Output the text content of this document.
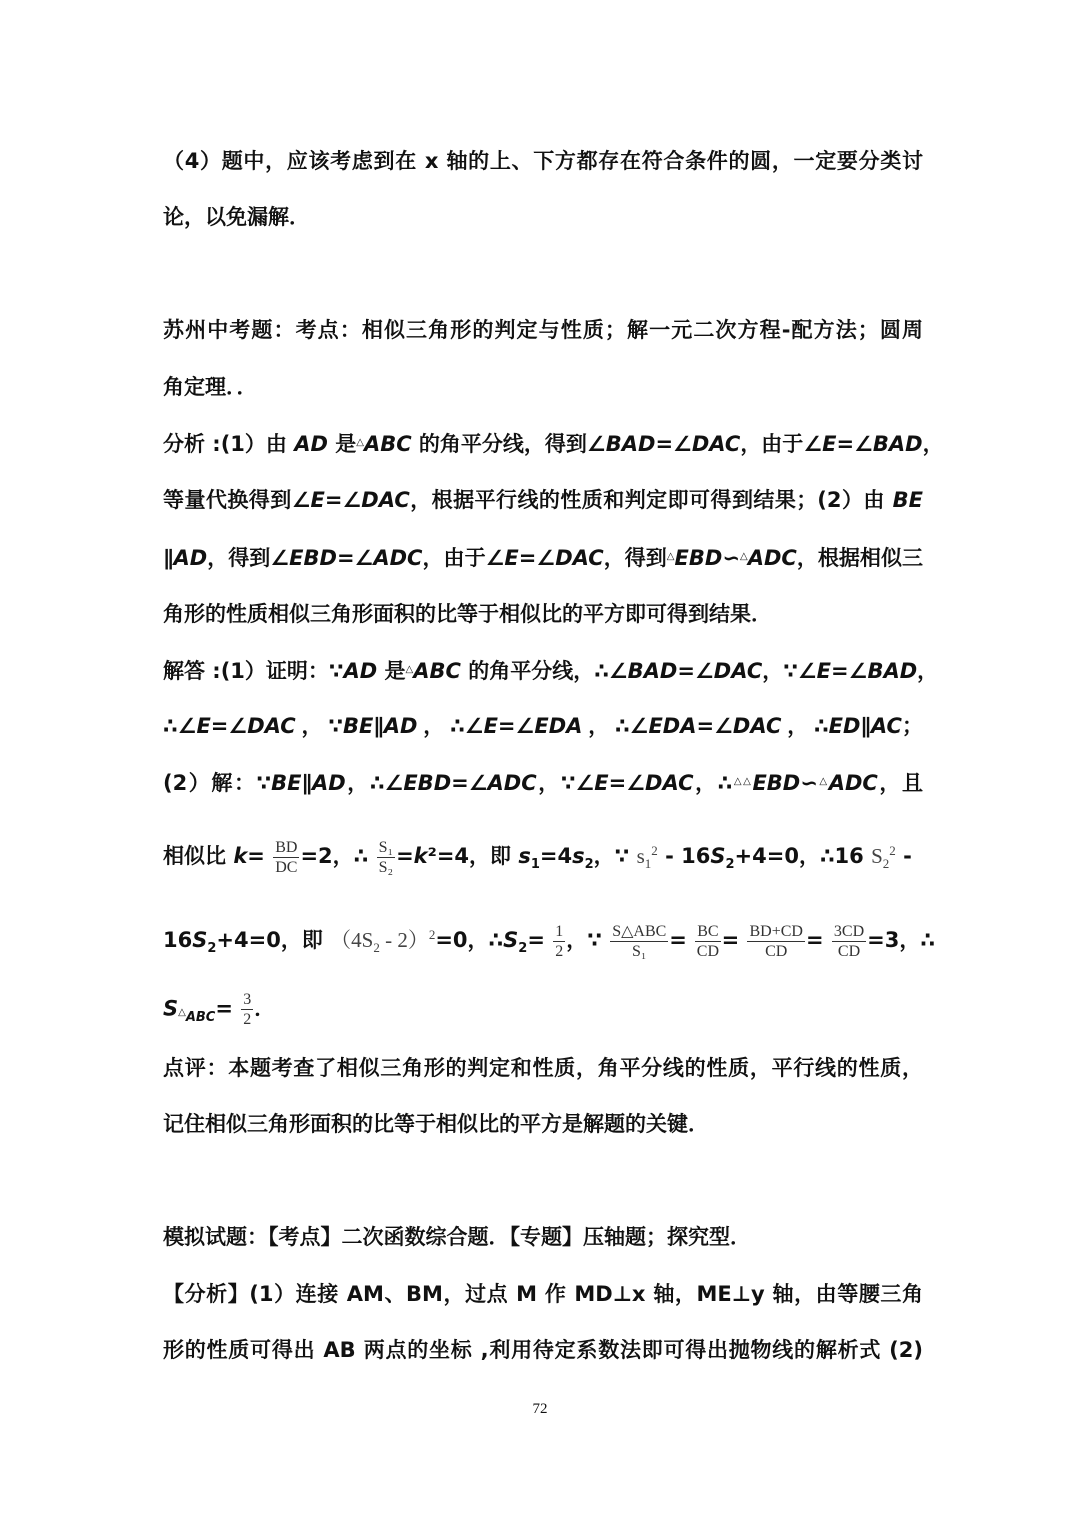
（4）题中，应该考虑到在 x 轴的上、下方都存在符合条件的圆，一定要分类讨
论，以免漏解．
苏州中考题：考点：相似三角形的判定与性质；解一元二次方程-配方法；圆周
角定理．．
分析 :(1）由 AD 是△ABC 的角平分线，得到∠BAD=∠DAC，由于∠E=∠BAD，
等量代换得到∠E=∠DAC，根据平行线的性质和判定即可得到结果；(2）由 BE
∥AD，得到∠EBD=∠ADC，由于∠E=∠DAC，得到△EBD∽△ADC，根据相似三
角形的性质相似三角形面积的比等于相似比的平方即可得到结果．
解答 :(1）证明：∵AD 是△ABC 的角平分线，∴∠BAD=∠DAC，∵∠E=∠BAD，
∴∠E=∠DAC，∵BE∥AD，∴∠E=∠EDA，∴∠EDA=∠DAC，∴ED∥AC；
(2）解：∵BE∥AD，∴∠EBD=∠ADC，∵∠E=∠DAC，∴△△EBD∽△ADC，且
相似比 $k= \frac{BD}{DC} =2$，∴ $\frac{\text{S₁}}{\text{S₂}} =k^2=4$，即 $s_1=4s_2$，∵ $s_1^2 - 16S_2+4=0$，∴16 $S_2^2$ -
$16S_2+4=0$，即 $(4S_2 - 2)^2=0$，$\therefore S_2= \frac{1}{2}$ ，∵ S△ABC
S₁	= $\frac{BC}{CD} = \frac{BD+CD}{CD} = \frac{3CD}{CD} =3$，∴
$S_{^\triangle ABC}= \frac{3}{2}$ ．
点评：本题考查了相似三角形的判定和性质，角平分线的性质，平行线的性质，
记住相似三角形面积的比等于相似比的平方是解题的关键．
模拟试题：【考点】二次函数综合题．【专题】压轴题；探究型．
【分析】(1）连接 AM、BM，过点 M 作 MD⊥x 轴，ME⊥y 轴，由等腰三角
形的性质可得出 AB 两点的坐标 ,利用待定系数法即可得出抛物线的解析式 (2)
72
